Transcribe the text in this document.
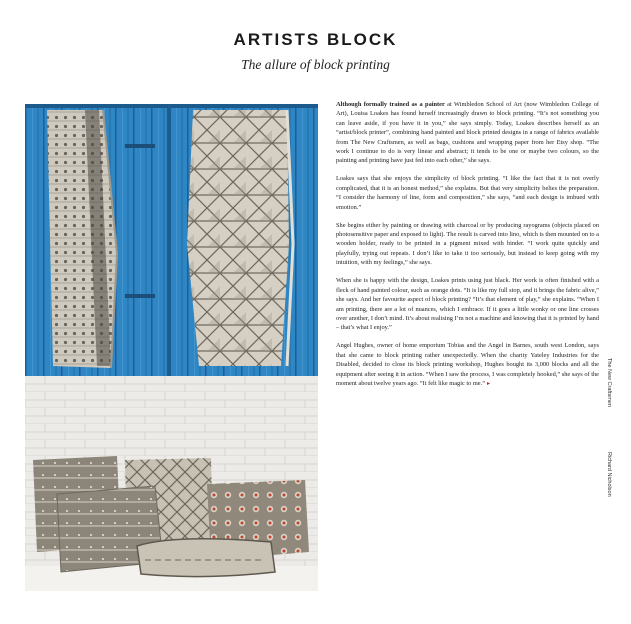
ARTISTS BLOCK
The allure of block printing

Although formally trained as a painter at Wimbledon School of Art (now Wimbledon College of Art), Louisa Loakes has found herself increasingly drawn to block printing. “It’s not something you can leave aside, if you have it in you,” she says simply. Today, Loakes describes herself as an “artist/block printer”, combining hand painted and block printed designs in a range of fabrics available from The New Craftsmen, as well as bags, cushions and wrapping paper from her Etsy shop. “The work I continue to do is very linear and abstract; it tends to be one or maybe two colours, so the painting and printing have just fed into each other,” she says.

Loakes says that she enjoys the simplicity of block printing. “I like the fact that it is not overly complicated, that it is an honest method,” she explains. But that very simplicity belies the preparation. “I consider the harmony of line, form and composition,” she says, “and each design is imbued with emotion.”

She begins either by painting or drawing with charcoal or by producing rayograms (objects placed on photosensitive paper and exposed to light). The result is carved into lino, which is then mounted on to a wooden holder, ready to be printed in a pigment mixed with binder. “I work quite quickly and playfully, trying out repeats. I don’t like to take it too seriously, but instead to keep going with my intuition, with my feelings,” she says.

When she is happy with the design, Loakes prints using just black. Her work is often finished with a fleck of hand painted colour, such as orange dots. “It is like my full stop, and it brings the fabric alive,” she says. And her favourite aspect of block printing? “It’s that element of play,” she explains. “When I am printing, there are a lot of nuances, which I embrace. If it goes a little wonky or one line crosses over another, I don’t mind. It’s about realising I’m not a machine and knowing that it is printed by hand – that’s what I enjoy.”

Angel Hughes, owner of home emporium Tobias and the Angel in Barnes, south west London, says that she came to block printing rather unexpectedly. When the charity Yateley Industries for the Disabled, decided to close its block printing workshop, Hughes bought its 3,000 blocks and all the equipment after seeing it in action. “When I saw the process, I was completely hooked,” she says of the moment about twelve years ago. “It felt like magic to me.” ▸	The New Craftsmen
Richard Nicholson
